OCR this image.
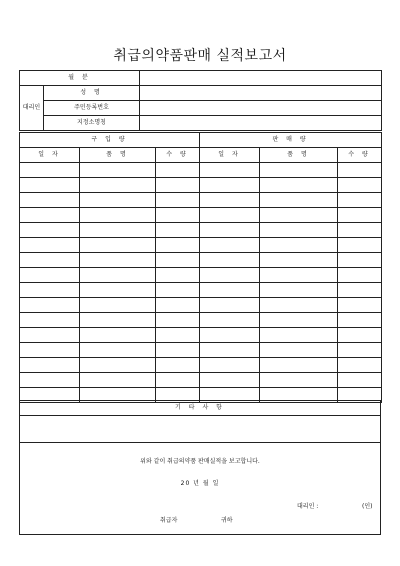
취급의약품판매 실적보고서
월 분		
대리인	성 명	
	주민등록번호	
	지정소명칭	
구 입 량			판 매 량		
일 자	품 명	수 량	일 자	품 명	수 량

기 타 사 항
위와 같이 취급의약품 판매실적을 보고합니다.
20 년 월 일
대리인 :	(인)
취급자	귀하
